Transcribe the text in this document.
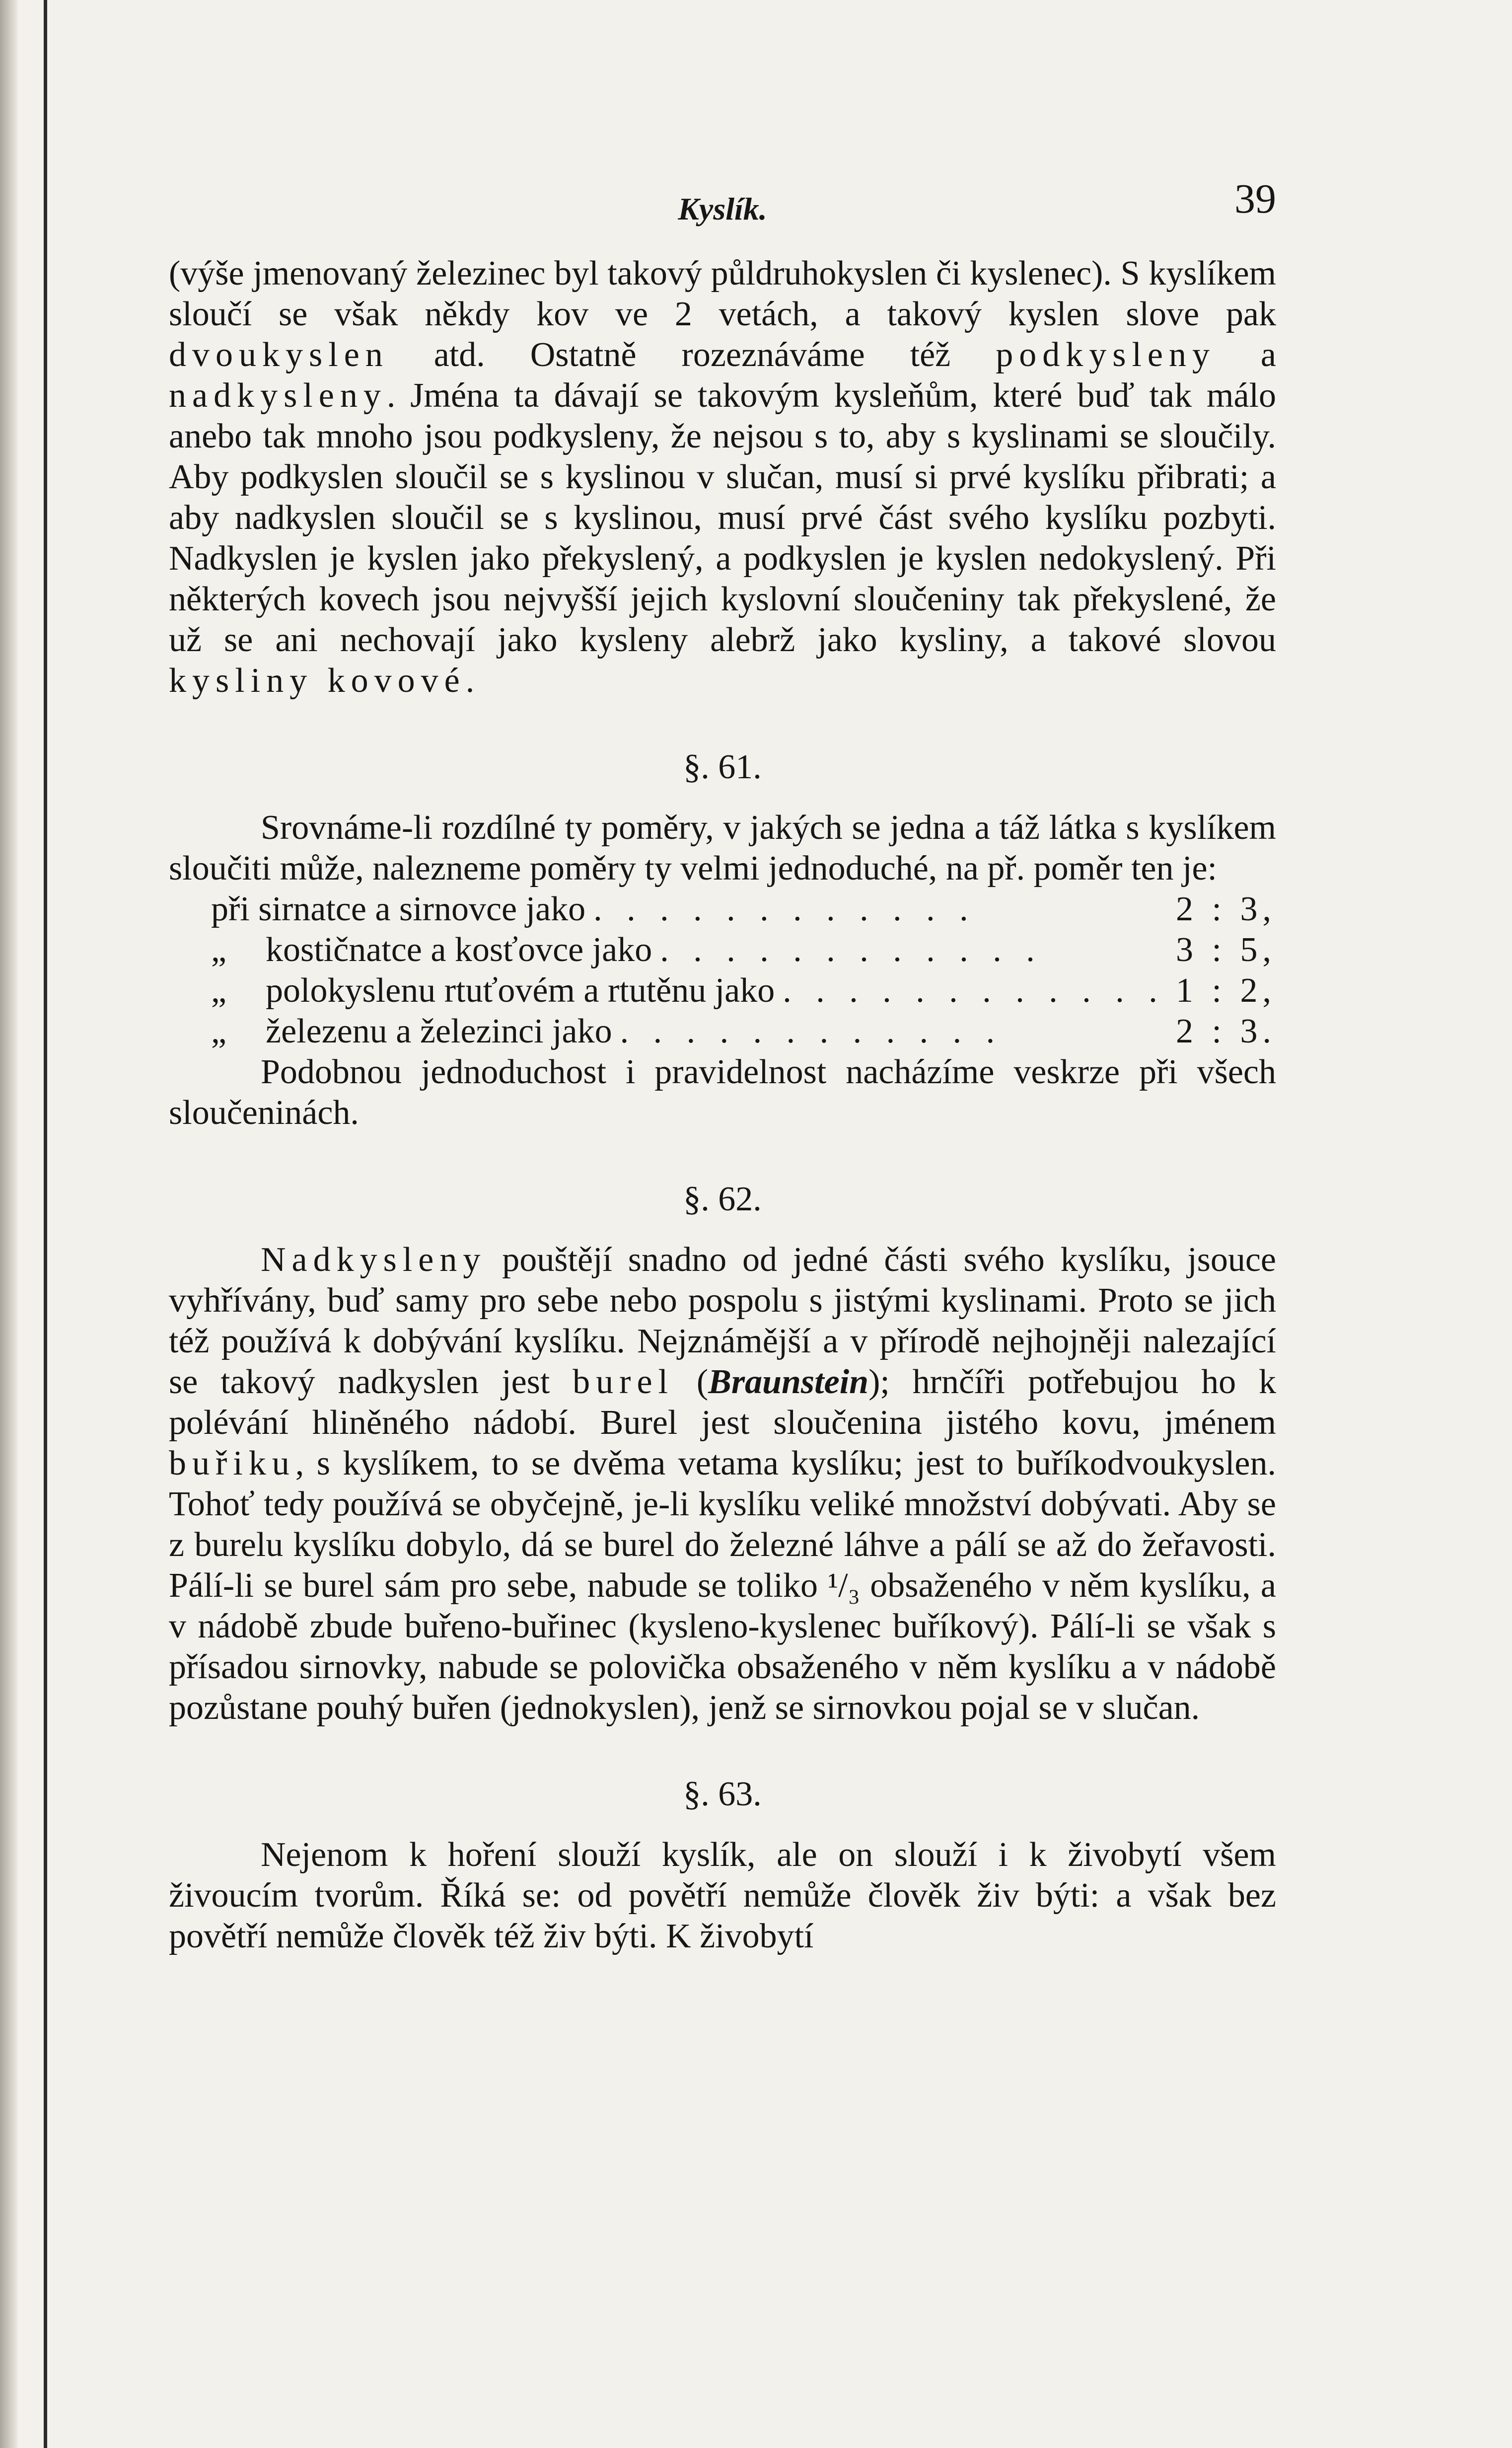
Kyslík.	39

(výše jmenovaný železinec byl takový půldruhokyslen či kyslenec). S kyslíkem sloučí se však někdy kov ve 2 vetách, a takový kyslen slove pak dvoukyslen atd. Ostatně rozeznáváme též podkysleny a nadkysleny. Jména ta dávají se takovým kysleňům, které buď tak málo anebo tak mnoho jsou podkysleny, že nejsou s to, aby s kyslinami se sloučily. Aby podkyslen sloučil se s kyslinou v slučan, musí si prvé kyslíku přibrati; a aby nadkyslen sloučil se s kyslinou, musí prvé část svého kyslíku pozbyti. Nadkyslen je kyslen jako překyslený, a podkyslen je kyslen nedokyslený. Při některých kovech jsou nejvyšší jejich kyslovní sloučeniny tak překyslené, že už se ani nechovají jako kysleny alebrž jako kysliny, a takové slovou kysliny kovové.

§. 61.

Srovnáme-li rozdílné ty poměry, v jakých se jedna a táž látka s kyslíkem sloučiti může, nalezneme poměry ty velmi jednoduché, na př. poměr ten je:

při sirnatce a sirnovce jako . . . . . . . . . . . .	2 : 3,
„	kostičnatce a kosťovce jako . . . . . . . . . . . .	3 : 5,
„	polokyslenu rtuťovém a rtutěnu jako . . . . . . . . . . . . 1 : 2,
„	železenu a železinci jako . . . . . . . . . . . .	2 : 3.

Podobnou jednoduchost i pravidelnost nacházíme veskrze při všech sloučeninách.

§. 62.

Nadkysleny pouštějí snadno od jedné části svého kyslíku, jsouce vyhřívány, buď samy pro sebe nebo pospolu s jistými kyslinami. Proto se jich též používá k dobývání kyslíku. Nejznámější a v přírodě nejhojněji nalezající se takový nadkyslen jest burel (Braunstein); hrnčíři potřebujou ho k polévání hliněného nádobí. Burel jest sloučenina jistého kovu, jménem buřiku, s kyslíkem, to se dvěma vetama kyslíku; jest to buříkodvoukyslen. Tohoť tedy používá se obyčejně, je-li kyslíku veliké množství dobývati. Aby se z burelu kyslíku dobylo, dá se burel do železné láhve a pálí se až do žeřavosti. Pálí-li se burel sám pro sebe, nabude se toliko ¹/₃ obsaženého v něm kyslíku, a v nádobě zbude buřeno-buřinec (kysleno-kyslenec buříkový). Pálí-li se však s přísadou sirnovky, nabude se polovička obsaženého v něm kyslíku a v nádobě pozůstane pouhý buřen (jednokyslen), jenž se sirnovkou pojal se v slučan.

§. 63.

Nejenom k hoření slouží kyslík, ale on slouží i k živobytí všem živoucím tvorům. Říká se: od povětří nemůže člověk živ býti: a však bez povětří nemůže člověk též živ býti. K živobytí
